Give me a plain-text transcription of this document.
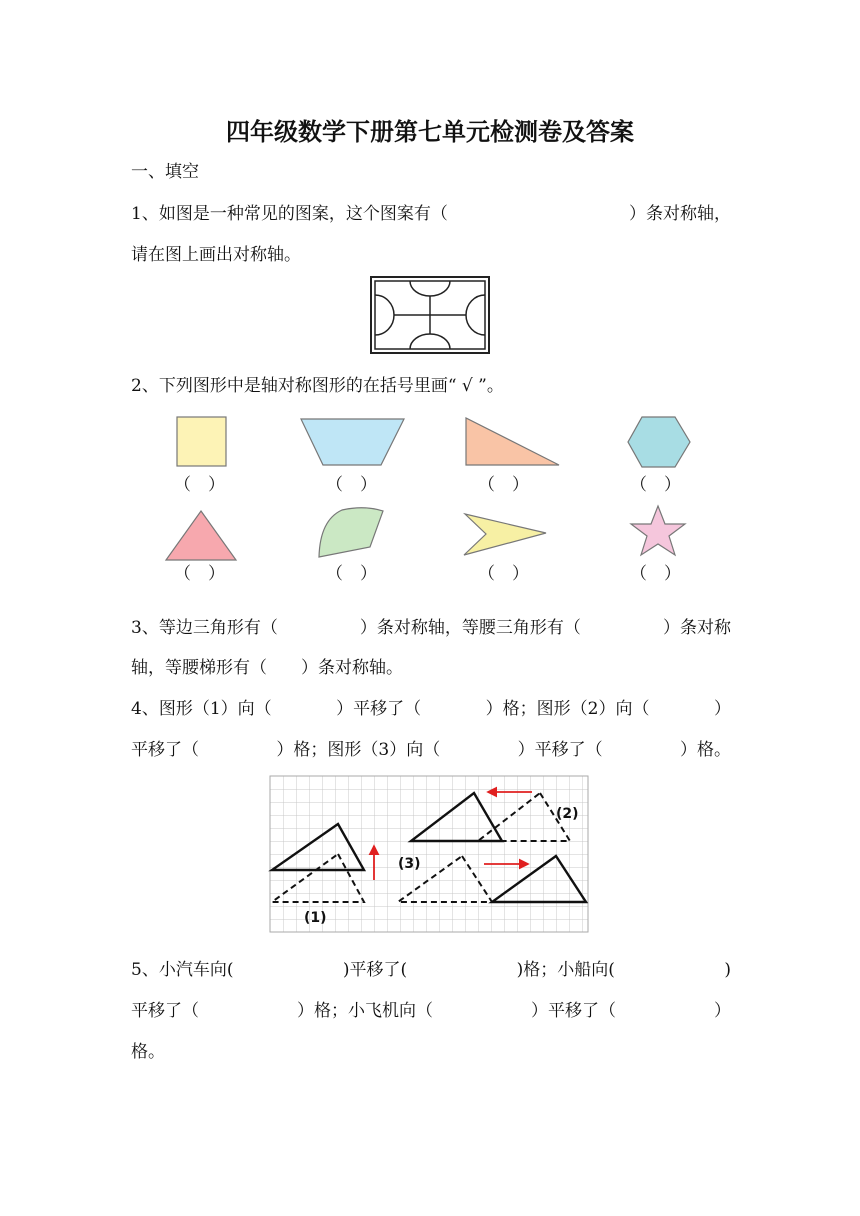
四年级数学下册第七单元检测卷及答案
一、填空
1、如图是一种常见的图案，这个图案有（	）条对称轴，
请在图上画出对称轴。
2、下列图形中是轴对称图形的在括号里画“ √ ”。
（　）	（　）	（　）	（　）
（　）	（　）	（　）	（　）
3、等边三角形有（	）条对称轴，等腰三角形有（	）条对称
轴，等腰梯形有（　　）条对称轴。
4、图形（1）向（	）平移了（	）格；图形（2）向（	）
平移了（	）格；图形（3）向（	）平移了（	）格。
(1)
(2)
(3)
5、小汽车向(	)平移了(	)格；小船向(	)
平移了（	）格；小飞机向（	）平移了（	）
格。
